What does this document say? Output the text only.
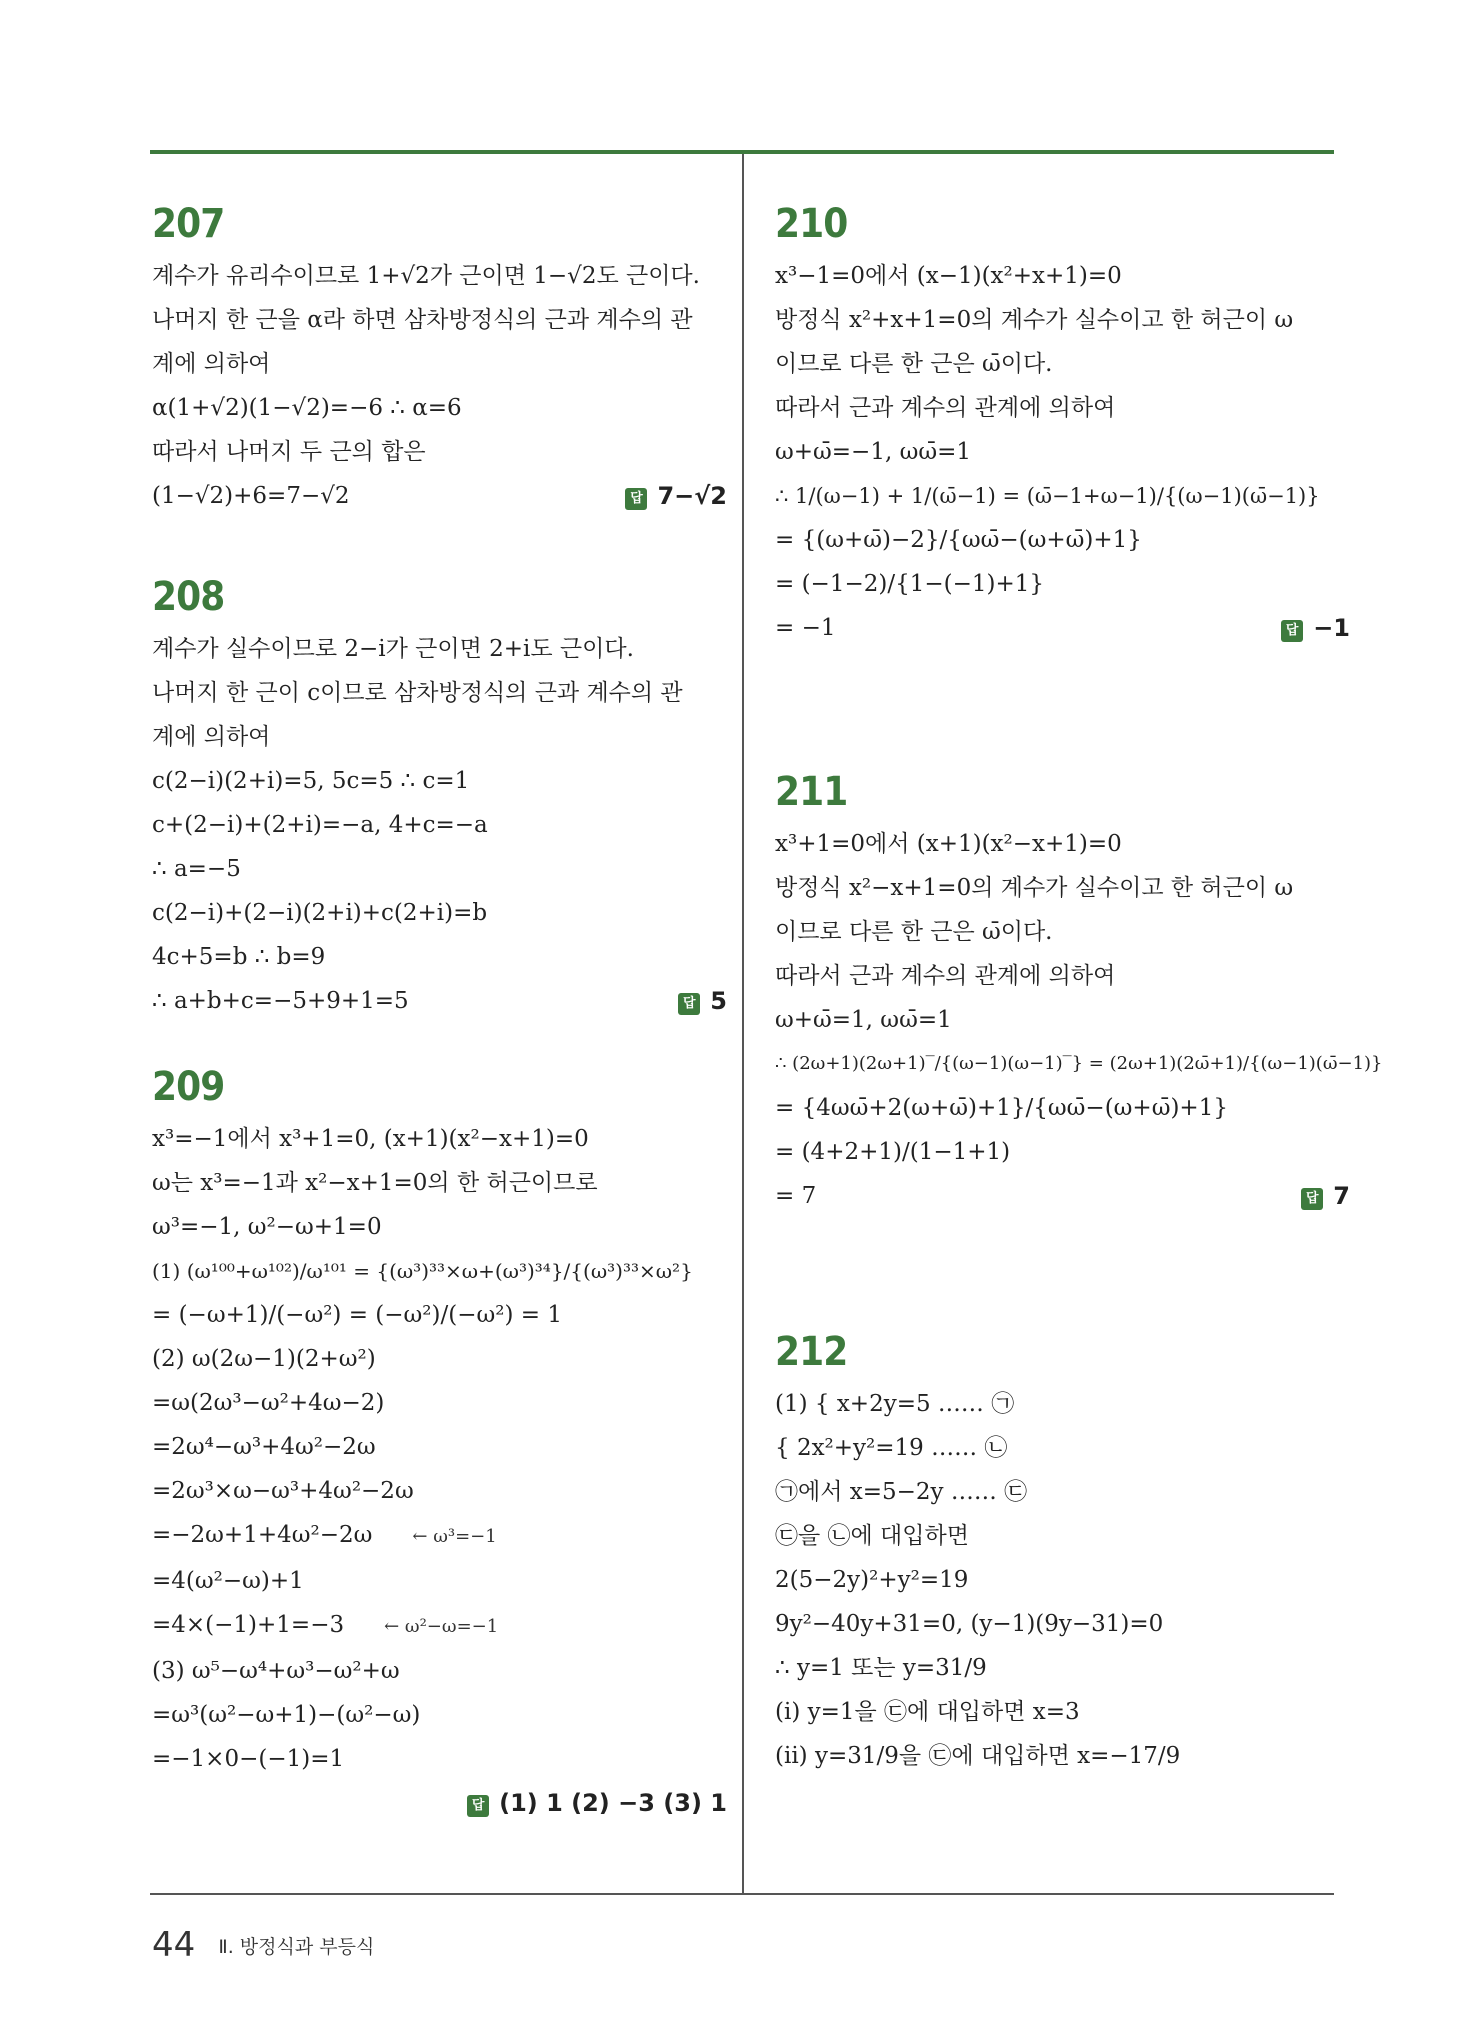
207
계수가 유리수이므로 1+√2가 근이면 1−√2도 근이다.
나머지 한 근을 α라 하면 삼차방정식의 근과 계수의 관
계에 의하여
α(1+√2)(1−√2)=−6 ∴ α=6
따라서 나머지 두 근의 합은
(1−√2)+6=7−√2	답 7−√2
208
계수가 실수이므로 2−i가 근이면 2+i도 근이다.
나머지 한 근이 c이므로 삼차방정식의 근과 계수의 관
계에 의하여
c(2−i)(2+i)=5, 5c=5 ∴ c=1
c+(2−i)+(2+i)=−a, 4+c=−a
∴ a=−5
c(2−i)+(2−i)(2+i)+c(2+i)=b
4c+5=b ∴ b=9
∴ a+b+c=−5+9+1=5	답 5
209
x³=−1에서 x³+1=0, (x+1)(x²−x+1)=0
ω는 x³=−1과 x²−x+1=0의 한 허근이므로
ω³=−1, ω²−ω+1=0
(1) (ω¹⁰⁰+ω¹⁰²)/ω¹⁰¹ = {(ω³)³³×ω+(ω³)³⁴}/{(ω³)³³×ω²}
= (−ω+1)/(−ω²) = (−ω²)/(−ω²) = 1
(2) ω(2ω−1)(2+ω²)
=ω(2ω³−ω²+4ω−2)
=2ω⁴−ω³+4ω²−2ω
=2ω³×ω−ω³+4ω²−2ω
=−2ω+1+4ω²−2ω ← ω³=−1
=4(ω²−ω)+1
=4×(−1)+1=−3 ← ω²−ω=−1
(3) ω⁵−ω⁴+ω³−ω²+ω
=ω³(ω²−ω+1)−(ω²−ω)
=−1×0−(−1)=1
답 (1) 1 (2) −3 (3) 1
210
x³−1=0에서 (x−1)(x²+x+1)=0
방정식 x²+x+1=0의 계수가 실수이고 한 허근이 ω
이므로 다른 한 근은 ω̄이다.
따라서 근과 계수의 관계에 의하여
ω+ω̄=−1, ωω̄=1
∴ 1/(ω−1) + 1/(ω̄−1) = (ω̄−1+ω−1)/{(ω−1)(ω̄−1)}
= {(ω+ω̄)−2}/{ωω̄−(ω+ω̄)+1}
= (−1−2)/{1−(−1)+1}
= −1	답 −1
211
x³+1=0에서 (x+1)(x²−x+1)=0
방정식 x²−x+1=0의 계수가 실수이고 한 허근이 ω
이므로 다른 한 근은 ω̄이다.
따라서 근과 계수의 관계에 의하여
ω+ω̄=1, ωω̄=1
∴ (2ω+1)(2ω+1)‾/{(ω−1)(ω−1)‾} = (2ω+1)(2ω̄+1)/{(ω−1)(ω̄−1)}
= {4ωω̄+2(ω+ω̄)+1}/{ωω̄−(ω+ω̄)+1}
= (4+2+1)/(1−1+1)
= 7	답 7
212
(1) { x+2y=5 …… ㉠
{ 2x²+y²=19 …… ㉡
㉠에서 x=5−2y …… ㉢
㉢을 ㉡에 대입하면
2(5−2y)²+y²=19
9y²−40y+31=0, (y−1)(9y−31)=0
∴ y=1 또는 y=31/9
(i) y=1을 ㉢에 대입하면 x=3
(ii) y=31/9을 ㉢에 대입하면 x=−17/9
44 Ⅱ. 방정식과 부등식
